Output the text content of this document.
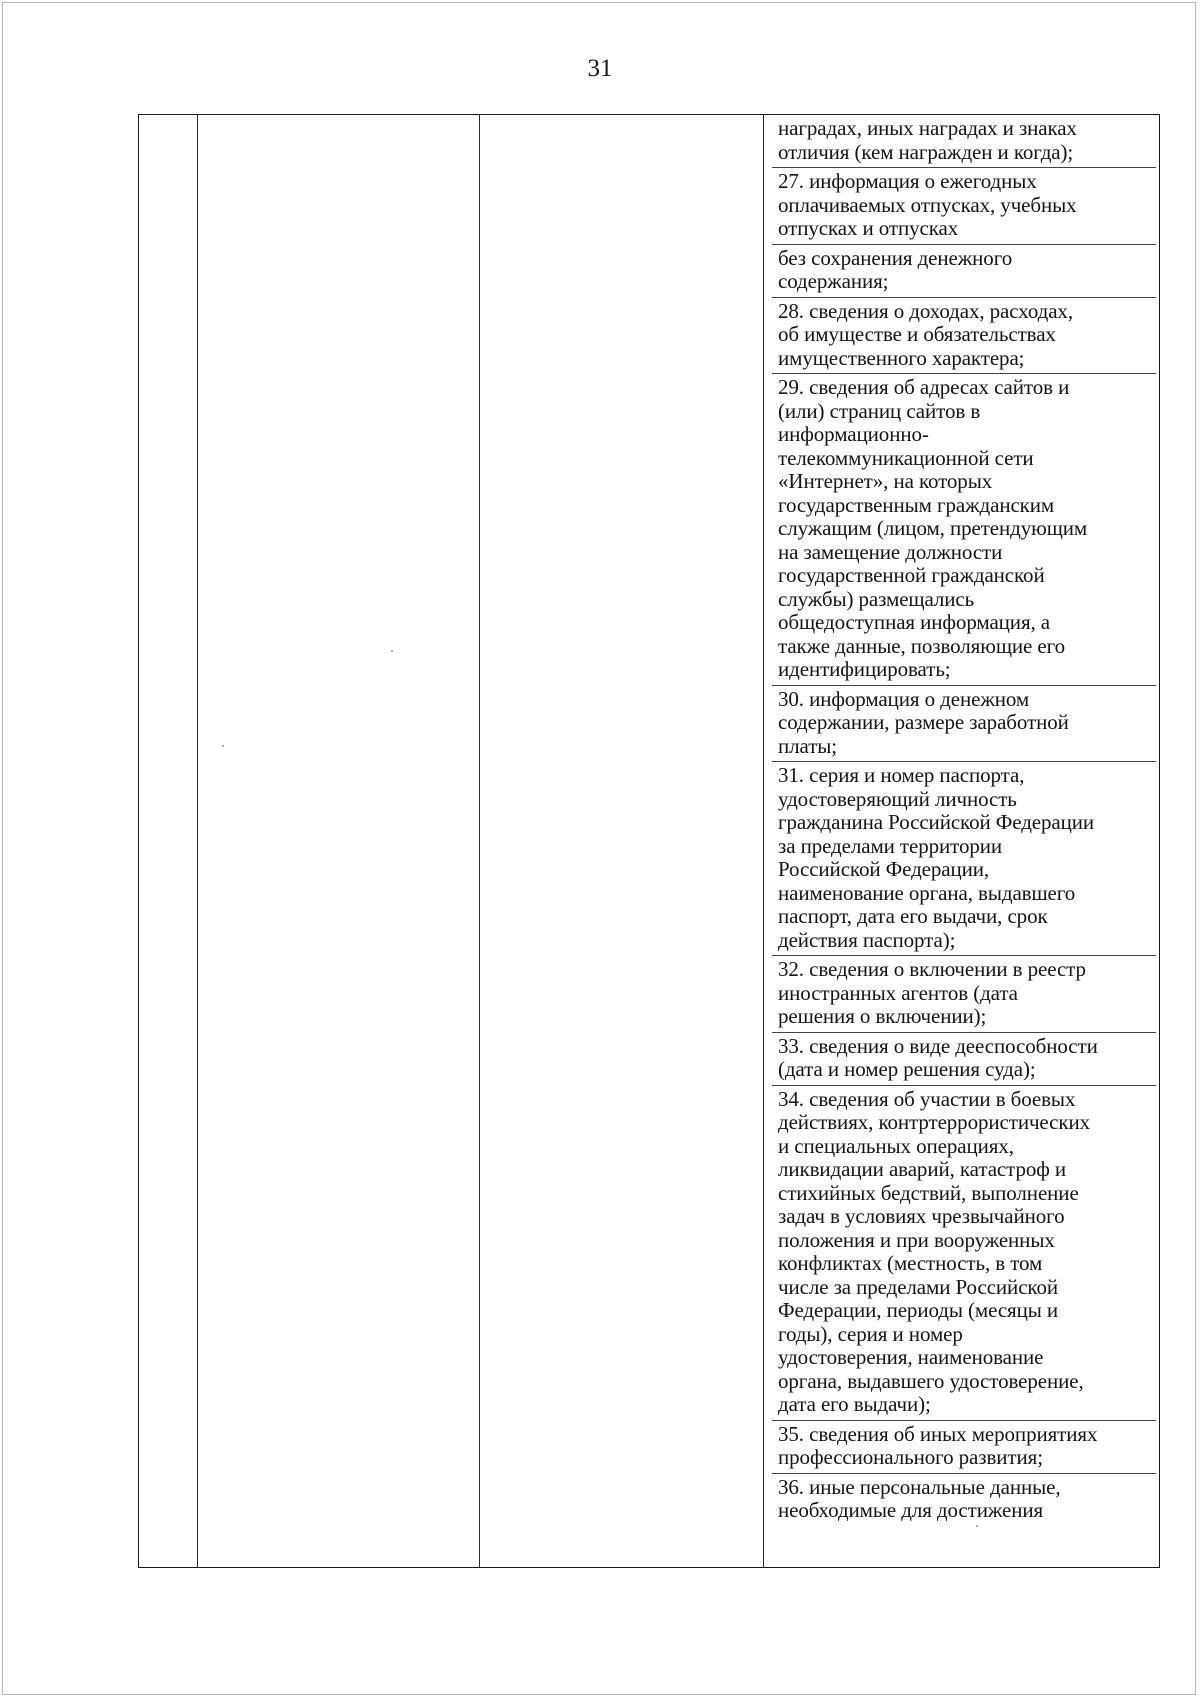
31
наградах, иных наградах и знаках
отличия (кем награжден и когда);
27. информация о ежегодных
оплачиваемых отпусках, учебных
отпусках и отпусках
без сохранения денежного
содержания;
28. сведения о доходах, расходах,
об имуществе и обязательствах
имущественного характера;
29. сведения об адресах сайтов и
(или) страниц сайтов в
информационно-
телекоммуникационной сети
«Интернет», на которых
государственным гражданским
служащим (лицом, претендующим
на замещение должности
государственной гражданской
службы) размещались
общедоступная информация, а
также данные, позволяющие его
идентифицировать;
30. информация о денежном
содержании, размере заработной
платы;
31. серия и номер паспорта,
удостоверяющий личность
гражданина Российской Федерации
за пределами территории
Российской Федерации,
наименование органа, выдавшего
паспорт, дата его выдачи, срок
действия паспорта);
32. сведения о включении в реестр
иностранных агентов (дата
решения о включении);
33. сведения о виде дееспособности
(дата и номер решения суда);
34. сведения об участии в боевых
действиях, контртеррористических
и специальных операциях,
ликвидации аварий, катастроф и
стихийных бедствий, выполнение
задач в условиях чрезвычайного
положения и при вооруженных
конфликтах (местность, в том
числе за пределами Российской
Федерации, периоды (месяцы и
годы), серия и номер
удостоверения, наименование
органа, выдавшего удостоверение,
дата его выдачи);
35. сведения об иных мероприятиях
профессионального развития;
36. иные персональные данные,
необходимые для достижения
